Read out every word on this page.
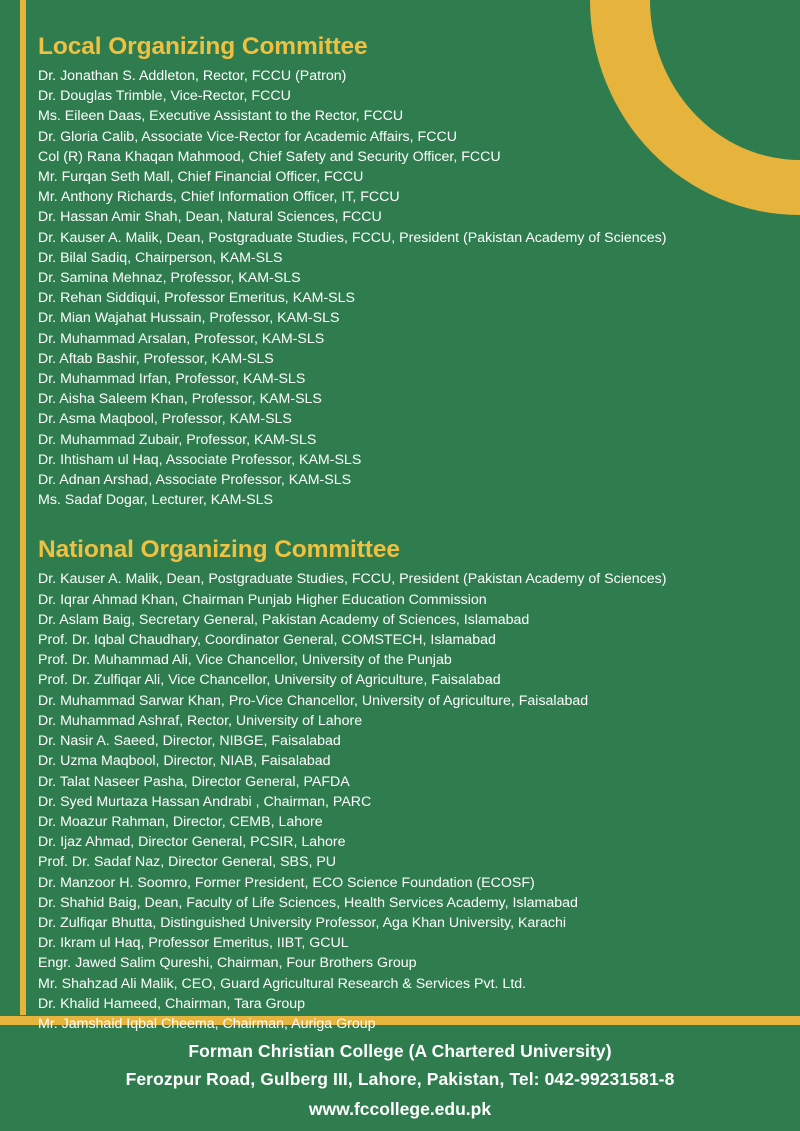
Local Organizing Committee
Dr. Jonathan S. Addleton, Rector, FCCU (Patron)
Dr. Douglas Trimble, Vice-Rector, FCCU
Ms. Eileen Daas, Executive Assistant to the Rector, FCCU
Dr. Gloria Calib, Associate Vice-Rector for Academic Affairs, FCCU
Col (R) Rana Khaqan Mahmood, Chief Safety and Security Officer, FCCU
Mr. Furqan Seth Mall, Chief Financial Officer, FCCU
Mr. Anthony Richards, Chief Information Officer, IT, FCCU
Dr. Hassan Amir Shah, Dean, Natural Sciences, FCCU
Dr. Kauser A. Malik, Dean, Postgraduate Studies, FCCU, President (Pakistan Academy of Sciences)
Dr. Bilal Sadiq, Chairperson, KAM-SLS
Dr. Samina Mehnaz, Professor, KAM-SLS
Dr. Rehan Siddiqui, Professor Emeritus, KAM-SLS
Dr. Mian Wajahat Hussain, Professor, KAM-SLS
Dr. Muhammad Arsalan, Professor, KAM-SLS
Dr. Aftab Bashir, Professor, KAM-SLS
Dr. Muhammad Irfan, Professor, KAM-SLS
Dr. Aisha Saleem Khan, Professor, KAM-SLS
Dr. Asma Maqbool, Professor, KAM-SLS
Dr. Muhammad Zubair, Professor, KAM-SLS
Dr. Ihtisham ul Haq, Associate Professor, KAM-SLS
Dr. Adnan Arshad, Associate Professor, KAM-SLS
Ms. Sadaf Dogar, Lecturer, KAM-SLS
National Organizing Committee
Dr. Kauser A. Malik, Dean, Postgraduate Studies, FCCU, President (Pakistan Academy of Sciences)
Dr. Iqrar Ahmad Khan, Chairman Punjab Higher Education Commission
Dr. Aslam Baig, Secretary General, Pakistan Academy of Sciences, Islamabad
Prof. Dr. Iqbal Chaudhary, Coordinator General, COMSTECH, Islamabad
Prof. Dr. Muhammad Ali, Vice Chancellor, University of the Punjab
Prof. Dr. Zulfiqar Ali, Vice Chancellor, University of Agriculture, Faisalabad
Dr. Muhammad Sarwar Khan, Pro-Vice Chancellor, University of Agriculture, Faisalabad
Dr. Muhammad Ashraf, Rector, University of Lahore
Dr. Nasir A. Saeed, Director, NIBGE, Faisalabad
Dr. Uzma Maqbool, Director, NIAB, Faisalabad
Dr. Talat Naseer Pasha, Director General, PAFDA
Dr. Syed Murtaza Hassan Andrabi , Chairman, PARC
Dr. Moazur Rahman, Director, CEMB, Lahore
Dr. Ijaz Ahmad, Director General, PCSIR, Lahore
Prof. Dr. Sadaf Naz, Director General, SBS, PU
Dr. Manzoor H. Soomro, Former President, ECO Science Foundation (ECOSF)
Dr. Shahid Baig, Dean, Faculty of Life Sciences, Health Services Academy, Islamabad
Dr. Zulfiqar Bhutta, Distinguished University Professor, Aga Khan University, Karachi
Dr. Ikram ul Haq, Professor Emeritus, IIBT, GCUL
Engr. Jawed Salim Qureshi, Chairman, Four Brothers Group
Mr. Shahzad Ali Malik, CEO, Guard Agricultural Research & Services Pvt. Ltd.
Dr. Khalid Hameed, Chairman, Tara Group
Mr. Jamshaid Iqbal Cheema, Chairman, Auriga Group
Forman Christian College (A Chartered University)
Ferozpur Road, Gulberg III, Lahore, Pakistan, Tel: 042-99231581-8
www.fccollege.edu.pk
